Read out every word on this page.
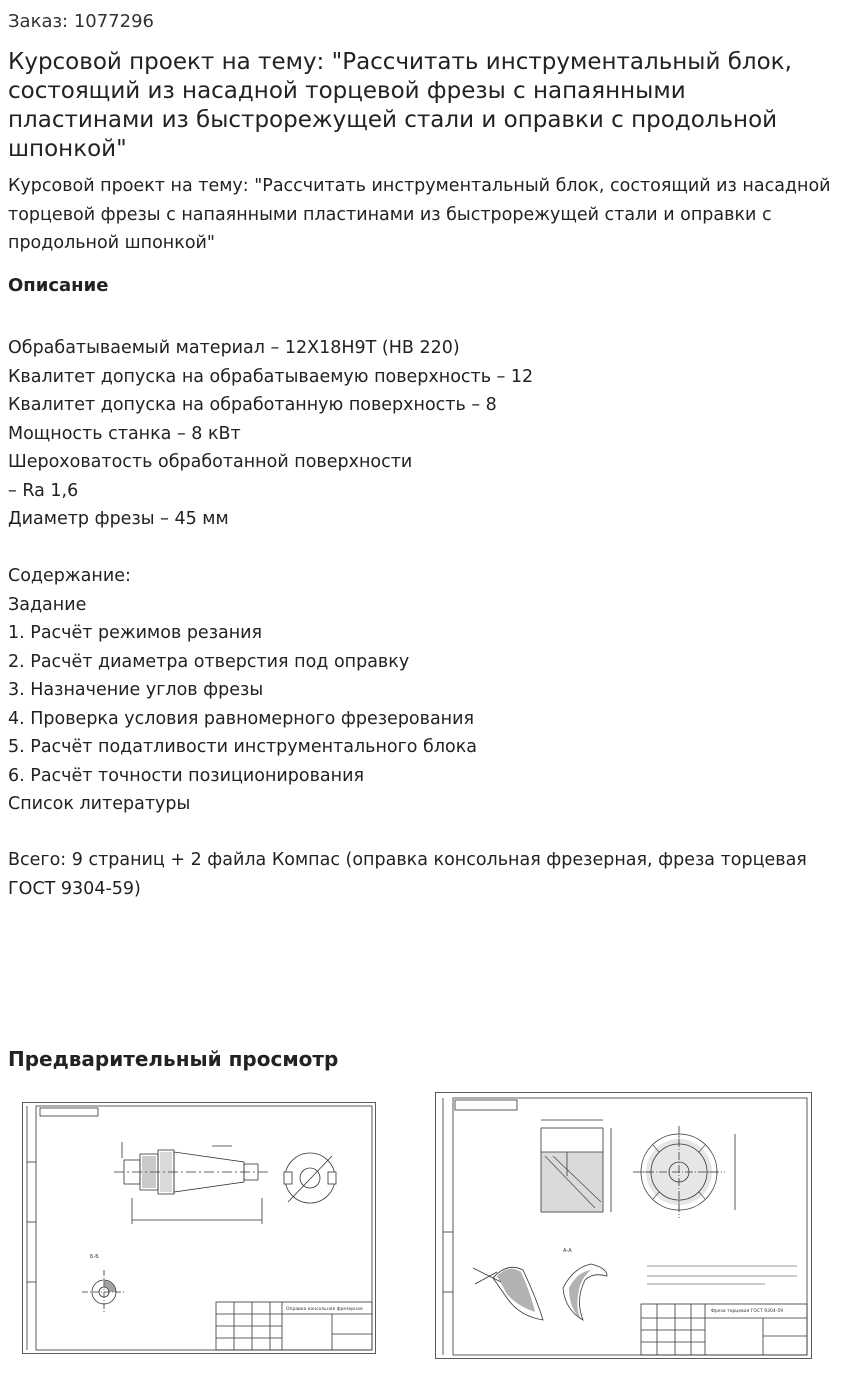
Заказ: 1077296
Курсовой проект на тему: "Рассчитать инструментальный блок, состоящий из насадной торцевой фрезы с напаянными пластинами из быстрорежущей стали и оправки с продольной шпонкой"

Курсовой проект на тему: "Рассчитать инструментальный блок, состоящий из насадной торцевой фрезы с напаянными пластинами из быстрорежущей стали и оправки с продольной шпонкой"

Описание
Обрабатываемый материал – 12Х18Н9Т (НВ 220)
Квалитет допуска на обрабатываемую поверхность – 12
Квалитет допуска на обработанную поверхность – 8
Мощность станка – 8 кВт
Шероховатость обработанной поверхности
– Ra 1,6
Диаметр фрезы – 45 мм
Содержание:
Задание
1. Расчёт режимов резания
2. Расчёт диаметра отверстия под оправку
3. Назначение углов фрезы
4. Проверка условия равномерного фрезерования
5. Расчёт податливости инструментального блока
6. Расчёт точности позиционирования
Список литературы

Всего: 9 страниц + 2 файла Компас (оправка консольная фрезерная, фреза торцевая ГОСТ 9304-59)

Предварительный просмотр
Б-Б
Оправка консольная фрезерная
А-А
Фреза торцевая ГОСТ 9304-59
